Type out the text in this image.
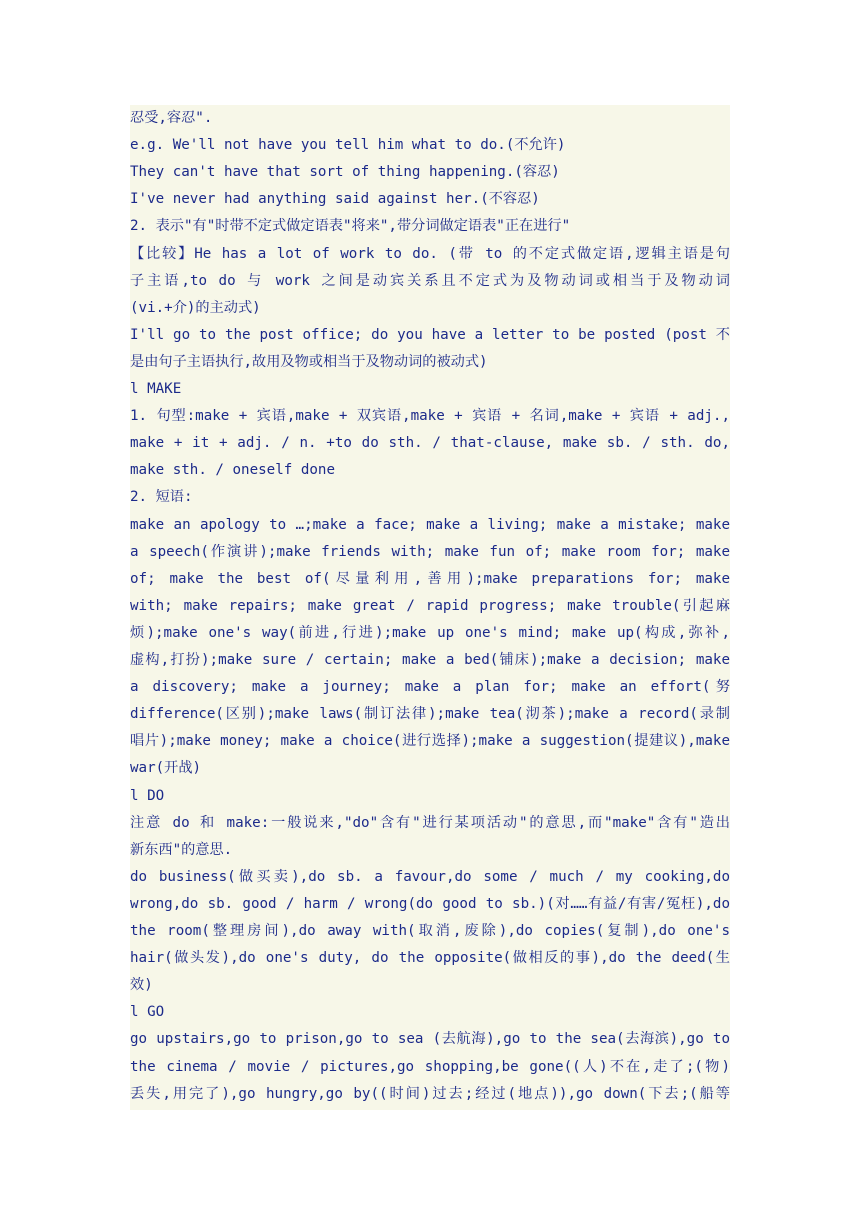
忍受,容忍".
e.g. We'll not have you tell him what to do.(不允许)
They can't have that sort of thing happening.(容忍)
I've never had anything said against her.(不容忍)
2. 表示"有"时带不定式做定语表"将来",带分词做定语表"正在进行"
【比较】He has a lot of work to do. (带 to 的不定式做定语,逻辑主语是句
子主语,to do 与 work 之间是动宾关系且不定式为及物动词或相当于及物动词
(vi.+介)的主动式)
I'll go to the post office; do you have a letter to be posted (post 不
是由句子主语执行,故用及物或相当于及物动词的被动式)
l MAKE
1. 句型:make + 宾语,make + 双宾语,make + 宾语 + 名词,make + 宾语 + adj.,
make + it + adj. / n. +to do sth. / that-clause, make sb. / sth. do,
make sth. / oneself done
2. 短语:
make an apology to …;make a face; make a living; make a mistake; make
a speech(作演讲);make friends with; make fun of; make room for; make
of; make the best of(尽量利用,善用);make preparations for; make
with; make repairs; make great / rapid progress; make trouble(引起麻
烦);make one's way(前进,行进);make up one's mind; make up(构成,弥补,
虚构,打扮);make sure / certain; make a bed(铺床);make a decision; make
a discovery; make a journey; make a plan for; make an effort(努
difference(区别);make laws(制订法律);make tea(沏茶);make a record(录制
唱片);make money; make a choice(进行选择);make a suggestion(提建议),make
war(开战)
l DO
注意 do 和 make:一般说来,"do"含有"进行某项活动"的意思,而"make"含有"造出
新东西"的意思.
do business(做买卖),do sb. a favour,do some / much / my cooking,do
wrong,do sb. good / harm / wrong(do good to sb.)(对……有益/有害/冤枉),do
the room(整理房间),do away with(取消,废除),do copies(复制),do one's
hair(做头发),do one's duty, do the opposite(做相反的事),do the deed(生
效)
l GO
go upstairs,go to prison,go to sea (去航海),go to the sea(去海滨),go to
the cinema / movie / pictures,go shopping,be gone((人)不在,走了;(物)
丢失,用完了),go hungry,go by((时间)过去;经过(地点)),go down(下去;(船等
